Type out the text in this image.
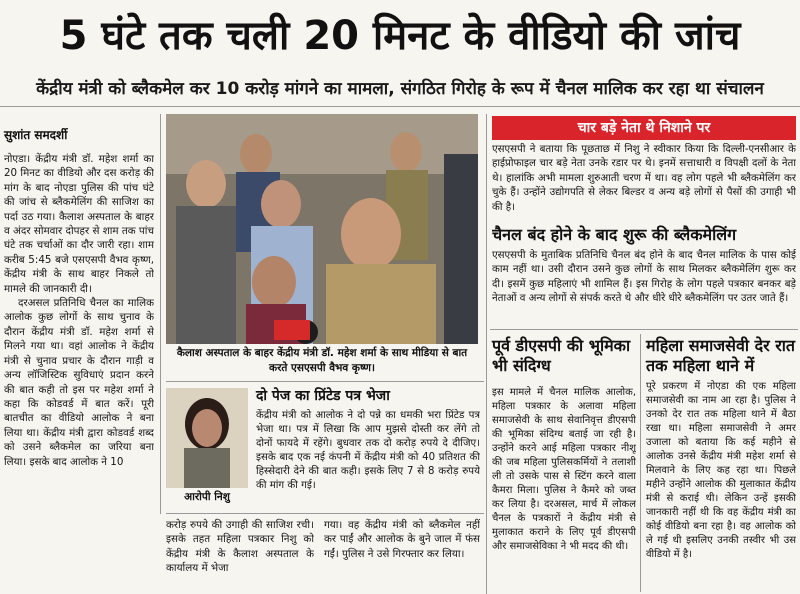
5 घंटे तक चली 20 मिनट के वीडियो की जांच
केंद्रीय मंत्री को ब्लैकमेल कर 10 करोड़ मांगने का मामला, संगठित गिरोह के रूप में चैनल मालिक कर रहा था संचालन
सुशांत समदर्शी

नोएडा। केंद्रीय मंत्री डॉ. महेश शर्मा का 20 मिनट का वीडियो और दस करोड़ की मांग के बाद नोएडा पुलिस की पांच घंटे की जांच से ब्लैकमेलिंग की साजिश का पर्दा उठ गया। कैलाश अस्पताल के बाहर व अंदर सोमवार दोपहर से शाम तक पांच घंटे तक चर्चाओं का दौर जारी रहा। शाम करीब 5:45 बजे एसएसपी वैभव कृष्ण, केंद्रीय मंत्री के साथ बाहर निकले तो मामले की जानकारी दी।

दरअसल प्रतिनिधि चैनल का मालिक आलोक कुछ लोगों के साथ चुनाव के दौरान केंद्रीय मंत्री डॉ. महेश शर्मा से मिलने गया था। वहां आलोक ने केंद्रीय मंत्री से चुनाव प्रचार के दौरान गाड़ी व अन्य लॉजिस्टिक सुविधाएं प्रदान करने की बात कही तो इस पर महेश शर्मा ने कहा कि कोडवर्ड में बात करें। पूरी बातचीत का वीडियो आलोक ने बना लिया था। केंद्रीय मंत्री द्वारा कोडवर्ड शब्द को उसने ब्लैकमेल का जरिया बना लिया। इसके बाद आलोक ने 10

कैलाश अस्पताल के बाहर केंद्रीय मंत्री डॉ. महेश शर्मा के साथ मीडिया से बात करते एसएसपी वैभव कृष्ण।
आरोपी निशु
दो पेज का प्रिंटेड पत्र भेजा
केंद्रीय मंत्री को आलोक ने दो पन्ने का धमकी भरा प्रिंटेड पत्र भेजा था। पत्र में लिखा कि आप मुझसे दोस्ती कर लेंगे तो दोनों फायदे में रहेंगे। बुधवार तक दो करोड़ रुपये दे दीजिए। इसके बाद एक नई कंपनी में केंद्रीय मंत्री को 40 प्रतिशत की हिस्सेदारी देने की बात कही। इसके लिए 7 से 8 करोड़ रुपये की मांग की गई।
करोड़ रुपये की उगाही की साजिश रची। इसके तहत महिला पत्रकार निशु को केंद्रीय मंत्री के कैलाश अस्पताल के कार्यालय में भेजा
गया। वह केंद्रीय मंत्री को ब्लैकमेल नहीं कर पाईं और आलोक के बुने जाल में फंस गईं। पुलिस ने उसे गिरफ्तार कर लिया।
चार बड़े नेता थे निशाने पर
एसएसपी ने बताया कि पूछताछ में निशु ने स्वीकार किया कि दिल्ली-एनसीआर के हाईप्रोफाइल चार बड़े नेता उनके रडार पर थे। इनमें सत्ताधारी व विपक्षी दलों के नेता थे। हालांकि अभी मामला शुरुआती चरण में था। वह लोग पहले भी ब्लैकमेलिंग कर चुके हैं। उन्होंने उद्योगपति से लेकर बिल्डर व अन्य बड़े लोगों से पैसों की उगाही भी की है।
चैनल बंद होने के बाद शुरू की ब्लैकमेलिंग
एसएसपी के मुताबिक प्रतिनिधि चैनल बंद होने के बाद चैनल मालिक के पास कोई काम नहीं था। उसी दौरान उसने कुछ लोगों के साथ मिलकर ब्लैकमेलिंग शुरू कर दी। इसमें कुछ महिलाएं भी शामिल हैं। इस गिरोह के लोग पहले पत्रकार बनकर बड़े नेताओं व अन्य लोगों से संपर्क करते थे और धीरे धीरे ब्लैकमेलिंग पर उतर जाते हैं।
पूर्व डीएसपी की भूमिका भी संदिग्ध
इस मामले में चैनल मालिक आलोक, महिला पत्रकार के अलावा महिला समाजसेवी के साथ सेवानिवृत्त डीएसपी की भूमिका संदिग्ध बताई जा रही है। उन्होंने करने आई महिला पत्रकार नीशू की जब महिला पुलिसकर्मियों ने तलाशी ली तो उसके पास से स्टिंग करने वाला कैमरा मिला। पुलिस ने कैमरे को जब्त कर लिया है। दरअसल, मार्च में लोकल चैनल के पत्रकारों ने केंद्रीय मंत्री से मुलाकात कराने के लिए पूर्व डीएसपी और समाजसेविका ने भी मदद की थी।
महिला समाजसेवी देर रात तक महिला थाने में
पूरे प्रकरण में नोएडा की एक महिला समाजसेवी का नाम आ रहा है। पुलिस ने उनको देर रात तक महिला थाने में बैठा रखा था। महिला समाजसेवी ने अमर उजाला को बताया कि कई महीने से आलोक उनसे केंद्रीय मंत्री महेश शर्मा से मिलवाने के लिए कह रहा था। पिछले महीने उन्होंने आलोक की मुलाकात केंद्रीय मंत्री से कराई थी। लेकिन उन्हें इसकी जानकारी नहीं थी कि वह केंद्रीय मंत्री का कोई वीडियो बना रहा है। वह आलोक को ले गई थी इसलिए उनकी तस्वीर भी उस वीडियो में है।
